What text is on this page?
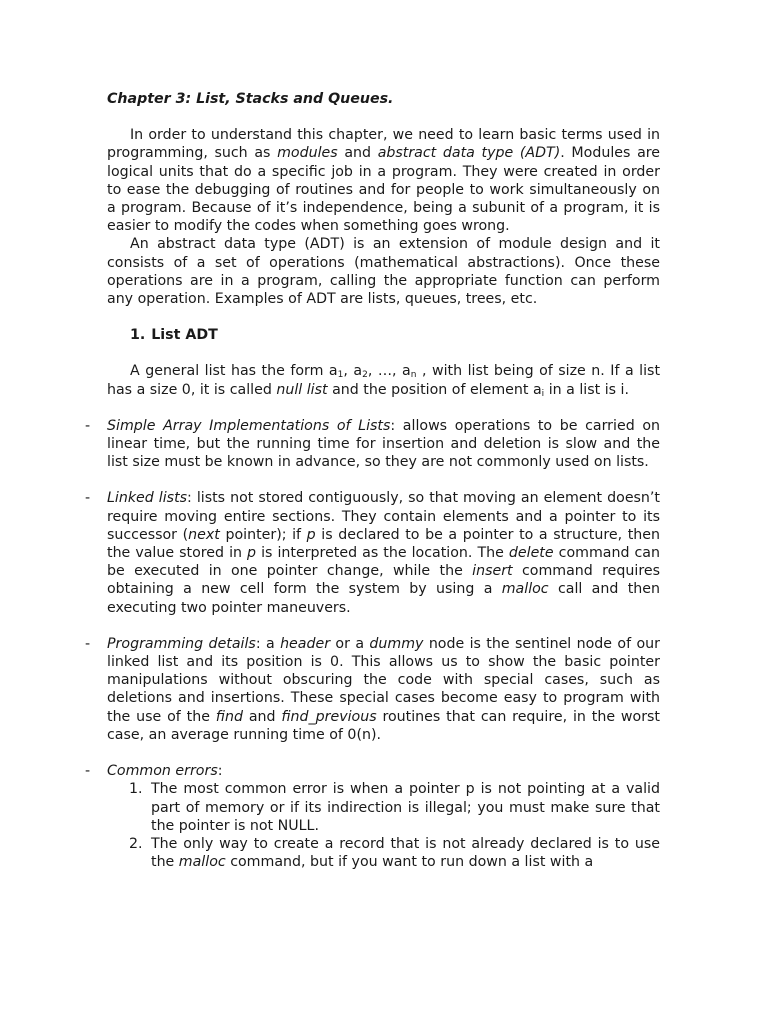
Chapter 3: List, Stacks and Queues.

In order to understand this chapter, we need to learn basic terms used in programming, such as modules and abstract data type (ADT). Modules are logical units that do a specific job in a program. They were created in order to ease the debugging of routines and for people to work simultaneously on a program. Because of it’s independence, being a subunit of a program, it is easier to modify the codes when something goes wrong.

An abstract data type (ADT) is an extension of module design and it consists of a set of operations (mathematical abstractions). Once these operations are in a program, calling the appropriate function can perform any operation. Examples of ADT are lists, queues, trees, etc.

1. List ADT

A general list has the form $a_1$, $a_2$, …, $a_n$ , with list being of size n. If a list has a size 0, it is called null list and the position of element $a_i$ in a list is i.

- Simple Array Implementations of Lists: allows operations to be carried on linear time, but the running time for insertion and deletion is slow and the list size must be known in advance, so they are not commonly used on lists.
- Linked lists: lists not stored contiguously, so that moving an element doesn’t require moving entire sections. They contain elements and a pointer to its successor (next pointer); if p is declared to be a pointer to a structure, then the value stored in p is interpreted as the location. The delete command can be executed in one pointer change, while the insert command requires obtaining a new cell form the system by using a malloc call and then executing two pointer maneuvers.
- Programming details: a header or a dummy node is the sentinel node of our linked list and its position is 0. This allows us to show the basic pointer manipulations without obscuring the code with special cases, such as deletions and insertions. These special cases become easy to program with the use of the find and find_previous routines that can require, in the worst case, an average running time of 0(n).
- Common errors:
1. The most common error is when a pointer p is not pointing at a valid part of memory or if its indirection is illegal; you must make sure that the pointer is not NULL.
2. The only way to create a record that is not already declared is to use the malloc command, but if you want to run down a list with a
